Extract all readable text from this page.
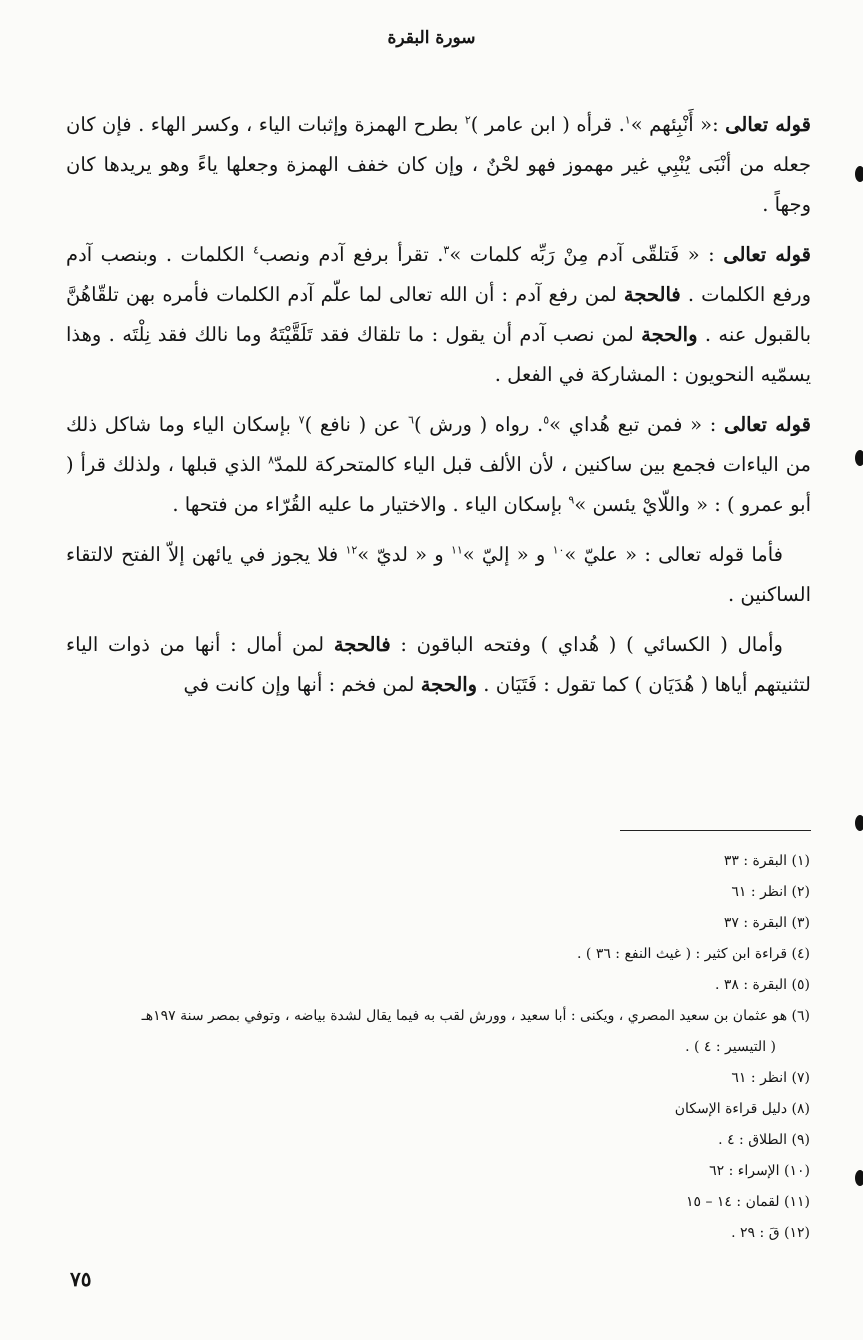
سورة البقرة

قوله تعالى :« أَنْبِئهم »$^١$. قرأه ( ابن عامر )$^٢$ بطرح الهمزة وإثبات الياء ، وكسر الهاء . فإن كان جعله من أنْبَى يُنْبِي غير مهموز فهو لحْنٌ ، وإن كان خفف الهمزة وجعلها ياءً وهو يريدها كان وجهاً .

قوله تعالى : « فَتلقّى آدم مِنْ رَبِّه كلمات »$^٣$. تقرأ برفع آدم ونصب$^٤$ الكلمات . وبنصب آدم ورفع الكلمات . فالحجة لمن رفع آدم : أن الله تعالى لما علّم آدم الكلمات فأمره بهن تلقّاهُنَّ بالقبول عنه . والحجة لمن نصب آدم أن يقول : ما تلقاك فقد تَلَقَّيْتَهُ وما نالك فقد نِلْتَه . وهذا يسمّيه النحويون : المشاركة في الفعل .

قوله تعالى : « فمن تبع هُداي »$^٥$. رواه ( ورش )$^٦$ عن ( نافع )$^٧$ بإسكان الياء وما شاكل ذلك من الياءات فجمع بين ساكنين ، لأن الألف قبل الياء كالمتحركة للمدّ$^٨$ الذي قبلها ، ولذلك قرأ ( أبو عمرو ) : « واللّايْ يئسن »$^٩$ بإسكان الياء . والاختيار ما عليه القُرّاء من فتحها .

فأما قوله تعالى : « عليّ »$^{١٠}$ و « إليّ »$^{١١}$ و « لديّ »$^{١٢}$ فلا يجوز في يائهن إلاّ الفتح لالتقاء الساكنين .

وأمال ( الكسائي ) ( هُداي ) وفتحه الباقون : فالحجة لمن أمال : أنها من ذوات الياء لتثنيتهم أياها ( هُدَيَان ) كما تقول : فَتَيَان . والحجة لمن فخم : أنها وإن كانت في

(١) البقرة : ٣٣
(٢) انظر : ٦١
(٣) البقرة : ٣٧
(٤) قراءة ابن كثير : ( غيث النفع : ٣٦ ) .
(٥) البقرة : ٣٨ .
(٦) هو عثمان بن سعيد المصري ، ويكنى : أبا سعيد ، وورش لقب به فيما يقال لشدة بياضه ، وتوفي بمصر سنة ١٩٧هـ
( التيسير : ٤ ) .
(٧) انظر : ٦١
(٨) دليل قراءة الإسكان
(٩) الطلاق : ٤ .
(١٠) الإسراء : ٦٢
(١١) لقمان : ١٤ – ١٥
(١٢) قَ : ٢٩ .
٧٥
